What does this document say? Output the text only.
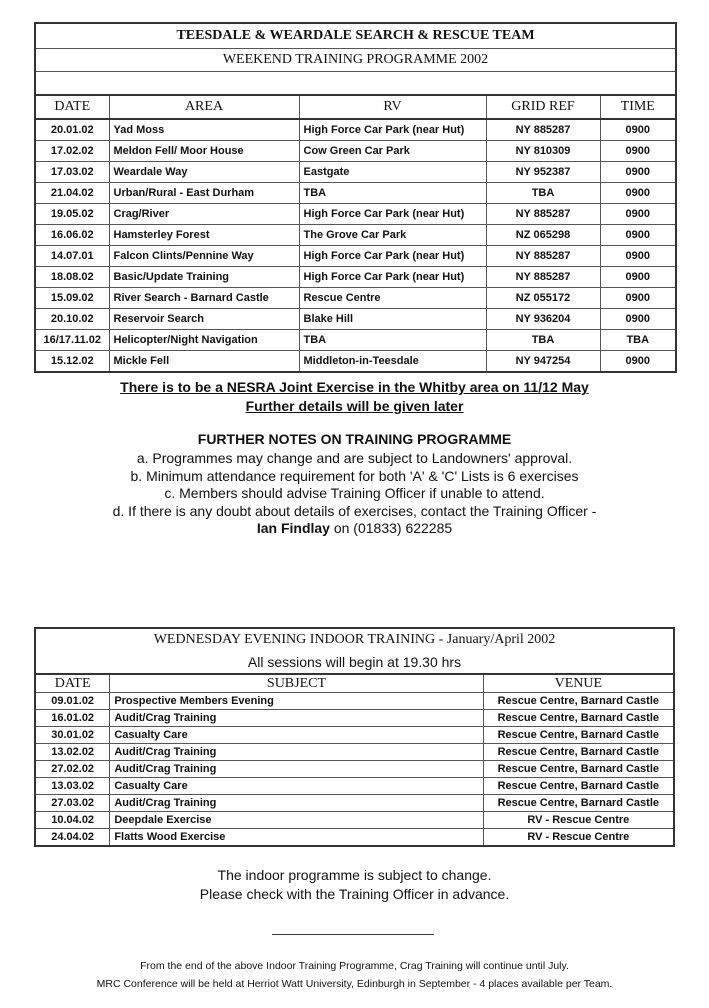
TEESDALE & WEARDALE SEARCH & RESCUE TEAM				
WEEKEND TRAINING PROGRAMME 2002				

DATE	AREA	RV	GRID REF	TIME
20.01.02	Yad Moss	High Force Car Park (near Hut)	NY 885287	0900
17.02.02	Meldon Fell/ Moor House	Cow Green Car Park	NY 810309	0900
17.03.02	Weardale Way	Eastgate	NY 952387	0900
21.04.02	Urban/Rural - East Durham	TBA	TBA	0900
19.05.02	Crag/River	High Force Car Park (near Hut)	NY 885287	0900
16.06.02	Hamsterley Forest	The Grove Car Park	NZ 065298	0900
14.07.01	Falcon Clints/Pennine Way	High Force Car Park (near Hut)	NY 885287	0900
18.08.02	Basic/Update Training	High Force Car Park (near Hut)	NY 885287	0900
15.09.02	River Search - Barnard Castle	Rescue Centre	NZ 055172	0900
20.10.02	Reservoir Search	Blake Hill	NY 936204	0900
16/17.11.02	Helicopter/Night Navigation	TBA	TBA	TBA
15.12.02	Mickle Fell	Middleton-in-Teesdale	NY 947254	0900
There is to be a NESRA Joint Exercise in the Whitby area on 11/12 May
Further details will be given later
FURTHER NOTES ON TRAINING PROGRAMME
a. Programmes may change and are subject to Landowners' approval.
b. Minimum attendance requirement for both 'A' & 'C' Lists is 6 exercises
c. Members should advise Training Officer if unable to attend.
d. If there is any doubt about details of exercises, contact the Training Officer -
Ian Findlay on (01833) 622285
WEDNESDAY EVENING INDOOR TRAINING - January/April 2002		
All sessions will begin at 19.30 hrs		
DATE	SUBJECT	VENUE
09.01.02	Prospective Members Evening	Rescue Centre, Barnard Castle
16.01.02	Audit/Crag Training	Rescue Centre, Barnard Castle
30.01.02	Casualty Care	Rescue Centre, Barnard Castle
13.02.02	Audit/Crag Training	Rescue Centre, Barnard Castle
27.02.02	Audit/Crag Training	Rescue Centre, Barnard Castle
13.03.02	Casualty Care	Rescue Centre, Barnard Castle
27.03.02	Audit/Crag Training	Rescue Centre, Barnard Castle
10.04.02	Deepdale Exercise	RV - Rescue Centre
24.04.02	Flatts Wood Exercise	RV - Rescue Centre
The indoor programme is subject to change.
Please check with the Training Officer in advance.
From the end of the above Indoor Training Programme, Crag Training will continue until July.
MRC Conference will be held at Herriot Watt University, Edinburgh in September - 4 places available per Team.
